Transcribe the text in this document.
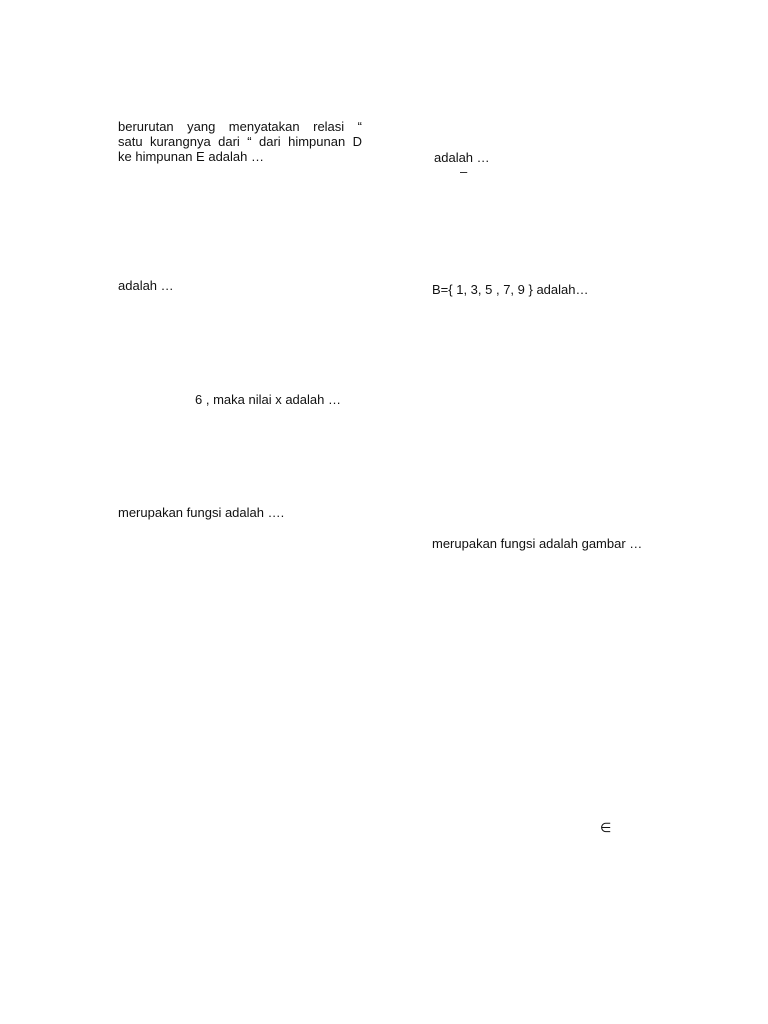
berurutan yang menyatakan relasi “
satu kurangnya dari “ dari himpunan D
ke himpunan E adalah …
adalah …
6 , maka nilai x adalah …
merupakan fungsi adalah ….
adalah …
–
B={ 1, 3, 5 , 7, 9 } adalah…
merupakan fungsi adalah gambar …
∈
P	Q
1
2
3
a
b
c
P	Q
1
2
3
a
b
c
P	Q
1
2
3
a
b
c
P	Q
1
2
3
a
b
c
a)	b)	c)
d)	e)	f)
